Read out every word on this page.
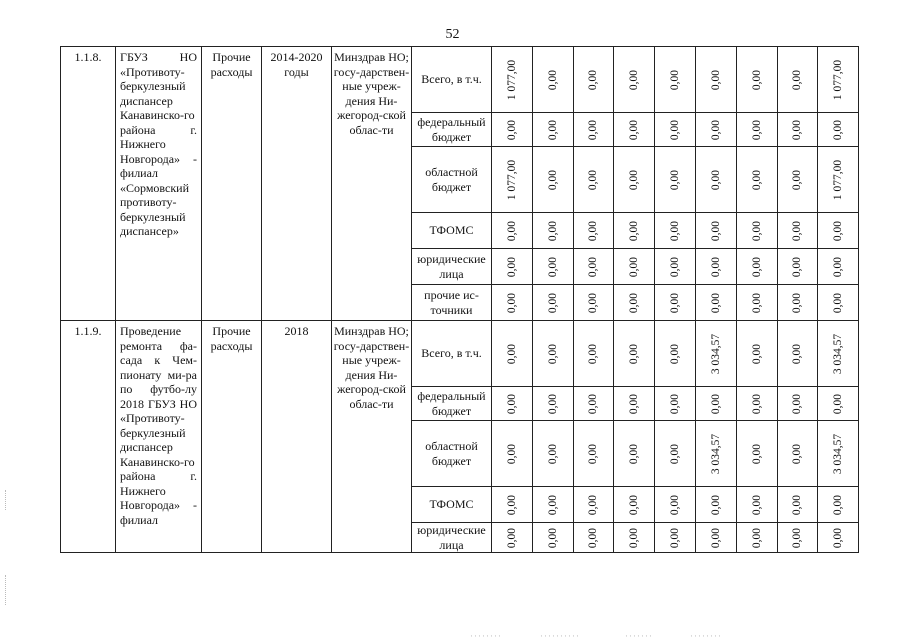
52
1.1.8.	ГБУЗ НО «Противоту-беркулезный диспансер Канавинско-го района г. Нижнего Новгорода» - филиал «Сормовский противоту-беркулезный диспансер»	Прочие расходы	2014-2020 годы	Минздрав НО; госу-дарствен-ные учреж-дения Ни-жегород-ской облас-ти	Всего, в т.ч.	1 077,00	0,00	0,00	0,00	0,00	0,00	0,00	0,00	1 077,00

					федеральный бюджет	0,00	0,00	0,00	0,00	0,00	0,00	0,00	0,00	0,00

					областной бюджет	1 077,00	0,00	0,00	0,00	0,00	0,00	0,00	0,00	1 077,00

					ТФОМС	0,00	0,00	0,00	0,00	0,00	0,00	0,00	0,00	0,00

					юридические лица	0,00	0,00	0,00	0,00	0,00	0,00	0,00	0,00	0,00

					прочие ис-точники	0,00	0,00	0,00	0,00	0,00	0,00	0,00	0,00	0,00

1.1.9.	Проведение ремонта фа-сада к Чем-пионату ми-ра по футбо-лу 2018 ГБУЗ НО «Противоту-беркулезный диспансер Канавинско-го района г. Нижнего Новгорода» - филиал	Прочие расходы	2018	Минздрав НО; госу-дарствен-ные учреж-дения Ни-жегород-ской облас-ти	Всего, в т.ч.	0,00	0,00	0,00	0,00	0,00	3 034,57	0,00	0,00	3 034,57

					федеральный бюджет	0,00	0,00	0,00	0,00	0,00	0,00	0,00	0,00	0,00

					областной бюджет	0,00	0,00	0,00	0,00	0,00	3 034,57	0,00	0,00	3 034,57

					ТФОМС	0,00	0,00	0,00	0,00	0,00	0,00	0,00	0,00	0,00

					юридические лица	0,00	0,00	0,00	0,00	0,00	0,00	0,00	0,00	0,00
········	··········	·······	········
